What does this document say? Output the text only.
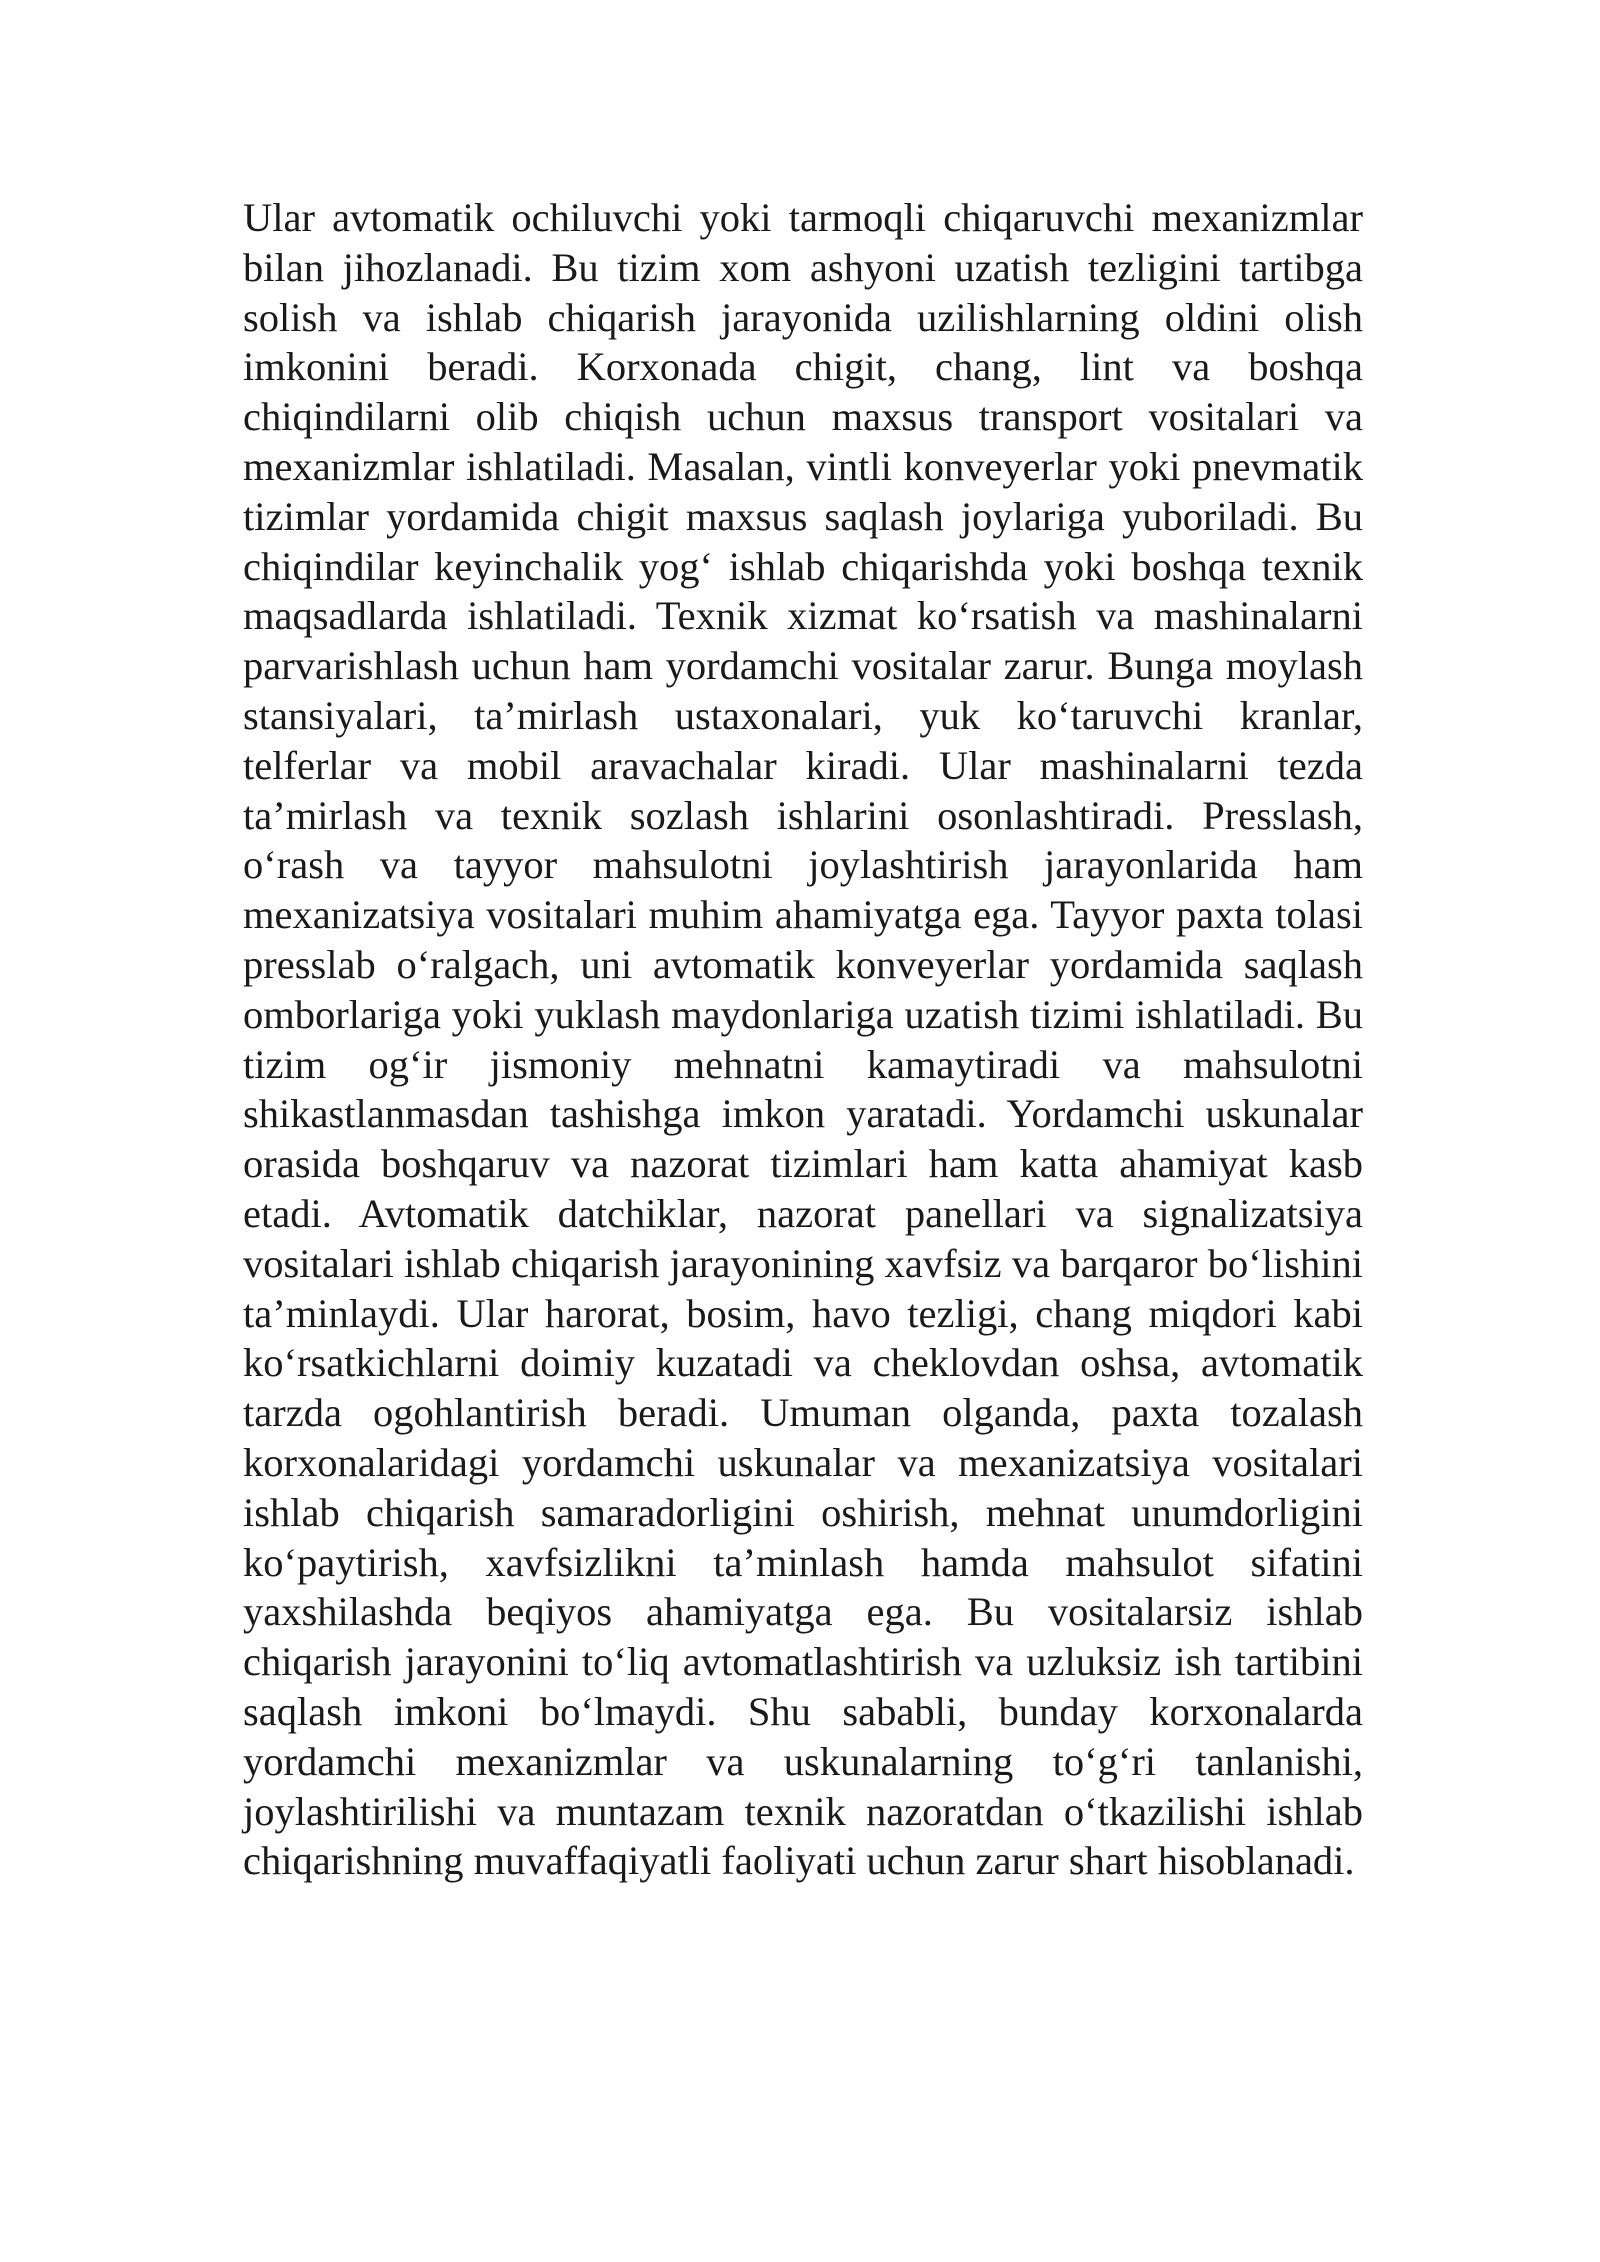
Ular avtomatik ochiluvchi yoki tarmoqli chiqaruvchi mexanizmlar bilan jihozlanadi. Bu tizim xom ashyoni uzatish tezligini tartibga solish va ishlab chiqarish jarayonida uzilishlarning oldini olish imkonini beradi. Korxonada chigit, chang, lint va boshqa chiqindilarni olib chiqish uchun maxsus transport vositalari va mexanizmlar ishlatiladi. Masalan, vintli konveyerlar yoki pnevmatik tizimlar yordamida chigit maxsus saqlash joylariga yuboriladi. Bu chiqindilar keyinchalik yog‘ ishlab chiqarishda yoki boshqa texnik maqsadlarda ishlatiladi. Texnik xizmat ko‘rsatish va mashinalarni parvarishlash uchun ham yordamchi vositalar zarur. Bunga moylash stansiyalari, ta’mirlash ustaxonalari, yuk ko‘taruvchi kranlar, telferlar va mobil aravachalar kiradi. Ular mashinalarni tezda ta’mirlash va texnik sozlash ishlarini osonlashtiradi. Presslash, o‘rash va tayyor mahsulotni joylashtirish jarayonlarida ham mexanizatsiya vositalari muhim ahamiyatga ega. Tayyor paxta tolasi presslab o‘ralgach, uni avtomatik konveyerlar yordamida saqlash omborlariga yoki yuklash maydonlariga uzatish tizimi ishlatiladi. Bu tizim og‘ir jismoniy mehnatni kamaytiradi va mahsulotni shikastlanmasdan tashishga imkon yaratadi. Yordamchi uskunalar orasida boshqaruv va nazorat tizimlari ham katta ahamiyat kasb etadi. Avtomatik datchiklar, nazorat panellari va signalizatsiya vositalari ishlab chiqarish jarayonining xavfsiz va barqaror bo‘lishini ta’minlaydi. Ular harorat, bosim, havo tezligi, chang miqdori kabi ko‘rsatkichlarni doimiy kuzatadi va cheklovdan oshsa, avtomatik tarzda ogohlantirish beradi. Umuman olganda, paxta tozalash korxonalaridagi yordamchi uskunalar va mexanizatsiya vositalari ishlab chiqarish samaradorligini oshirish, mehnat unumdorligini ko‘paytirish, xavfsizlikni ta’minlash hamda mahsulot sifatini yaxshilashda beqiyos ahamiyatga ega. Bu vositalarsiz ishlab chiqarish jarayonini to‘liq avtomatlashtirish va uzluksiz ish tartibini saqlash imkoni bo‘lmaydi. Shu sababli, bunday korxonalarda yordamchi mexanizmlar va uskunalarning to‘g‘ri tanlanishi, joylashtirilishi va muntazam texnik nazoratdan o‘tkazilishi ishlab chiqarishning muvaffaqiyatli faoliyati uchun zarur shart hisoblanadi.
